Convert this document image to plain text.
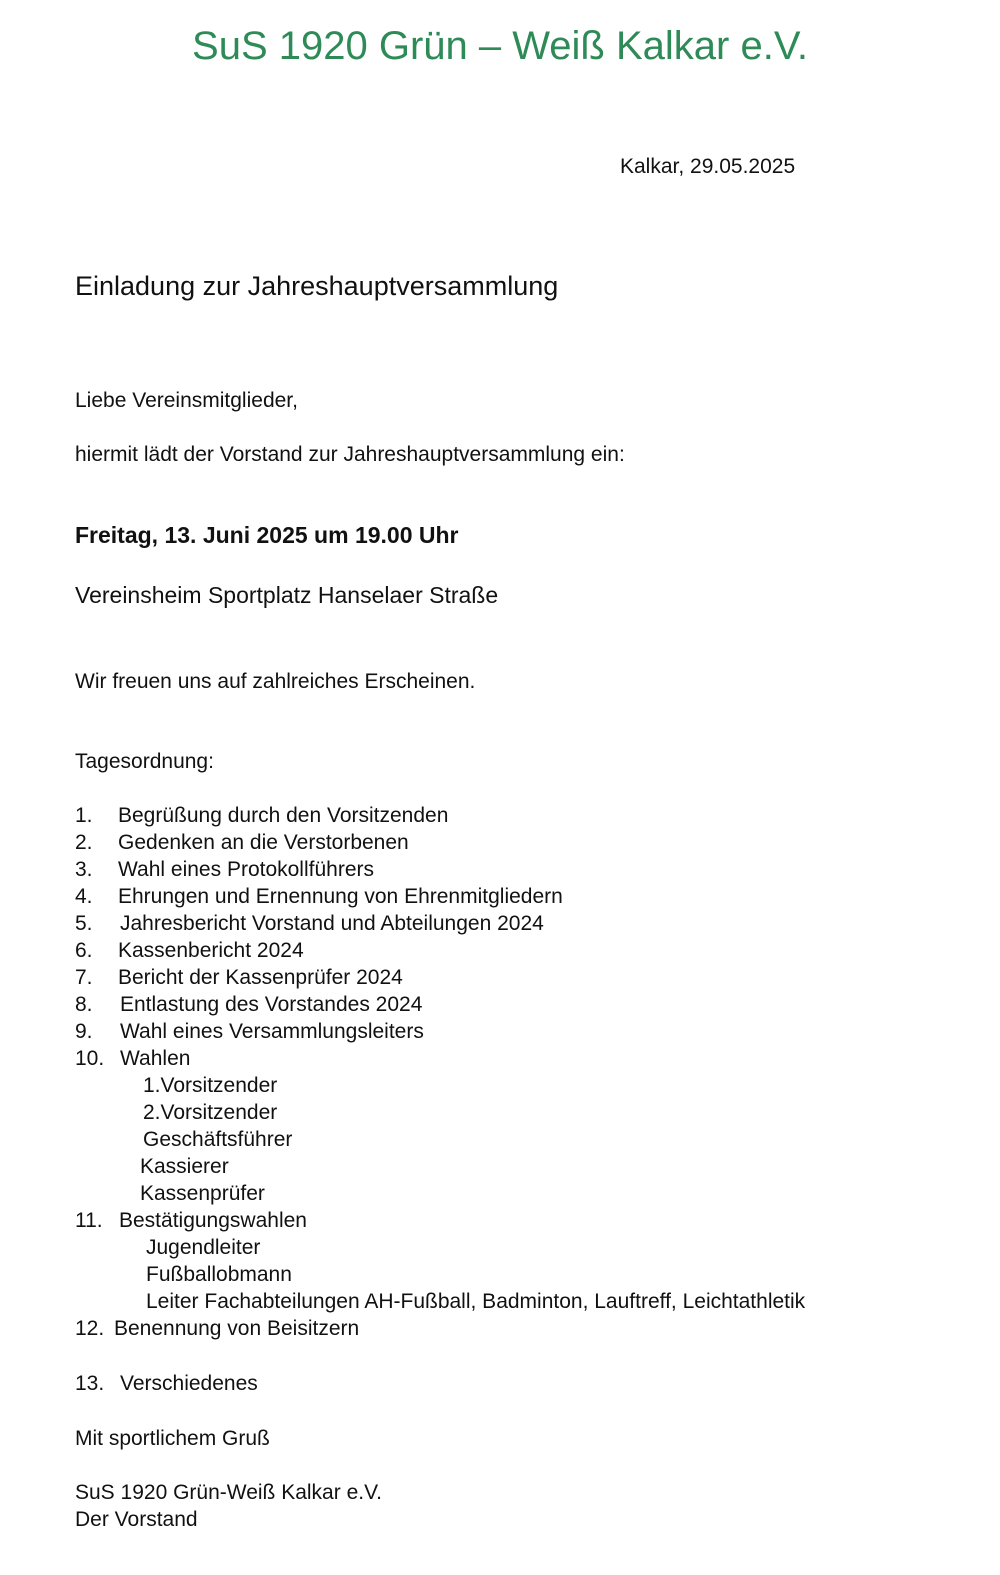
SuS 1920 Grün – Weiß Kalkar e.V.
Kalkar, 29.05.2025
Einladung zur Jahreshauptversammlung
Liebe Vereinsmitglieder,
hiermit lädt der Vorstand zur Jahreshauptversammlung ein:
Freitag, 13. Juni 2025 um 19.00 Uhr
Vereinsheim Sportplatz Hanselaer Straße
Wir freuen uns auf zahlreiches Erscheinen.
Tagesordnung:
1. Begrüßung durch den Vorsitzenden
2. Gedenken an die Verstorbenen
3. Wahl eines Protokollführers
4. Ehrungen und Ernennung von Ehrenmitgliedern
5. Jahresbericht Vorstand und Abteilungen 2024
6. Kassenbericht 2024
7. Bericht der Kassenprüfer 2024
8. Entlastung des Vorstandes 2024
9. Wahl eines Versammlungsleiters
10. Wahlen
1.Vorsitzender
2.Vorsitzender
Geschäftsführer
Kassierer
Kassenprüfer
11. Bestätigungswahlen
Jugendleiter
Fußballobmann
Leiter Fachabteilungen AH-Fußball, Badminton, Lauftreff, Leichtathletik
12. Benennung von Beisitzern
13. Verschiedenes
Mit sportlichem Gruß
SuS 1920 Grün-Weiß Kalkar e.V.
Der Vorstand
